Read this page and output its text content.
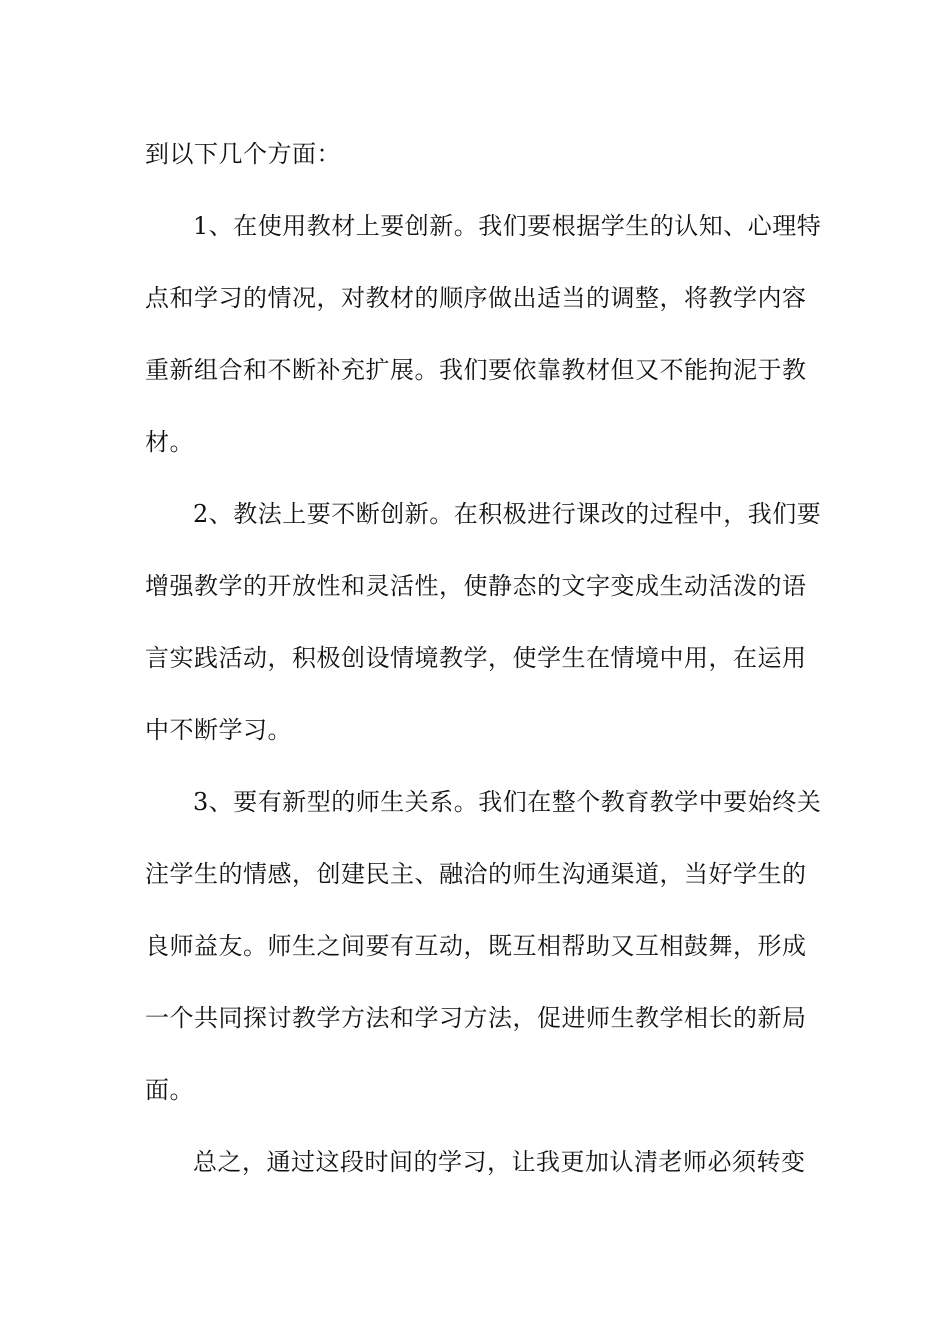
到以下几个方面：
1、在使用教材上要创新。我们要根据学生的认知、心理特
点和学习的情况，对教材的顺序做出适当的调整，将教学内容
重新组合和不断补充扩展。我们要依靠教材但又不能拘泥于教
材。
2、教法上要不断创新。在积极进行课改的过程中，我们要
增强教学的开放性和灵活性，使静态的文字变成生动活泼的语
言实践活动，积极创设情境教学，使学生在情境中用，在运用
中不断学习。
3、要有新型的师生关系。我们在整个教育教学中要始终关
注学生的情感，创建民主、融洽的师生沟通渠道，当好学生的
良师益友。师生之间要有互动，既互相帮助又互相鼓舞，形成
一个共同探讨教学方法和学习方法，促进师生教学相长的新局
面。
总之，通过这段时间的学习，让我更加认清老师必须转变
